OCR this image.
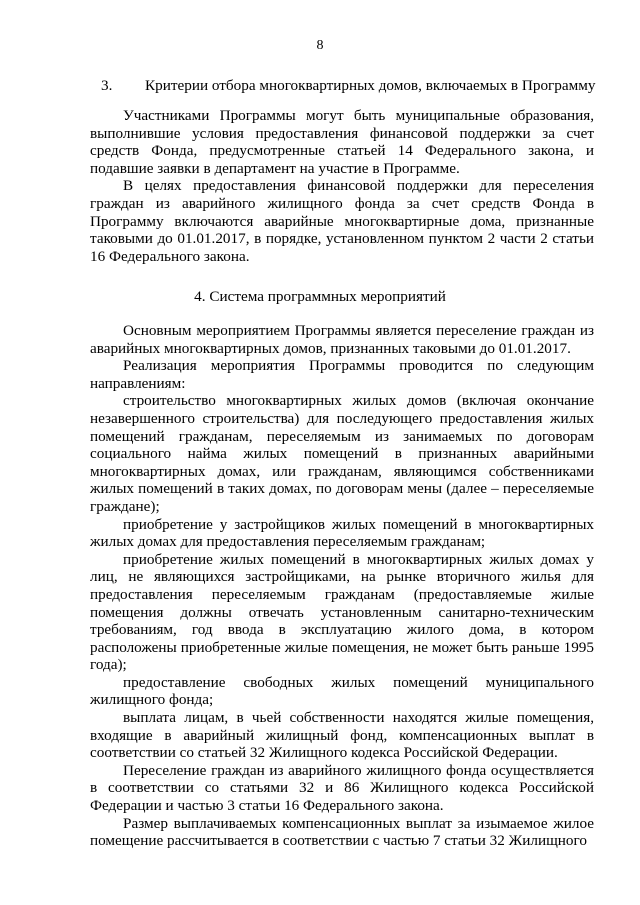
8
3. Критерии отбора многоквартирных домов, включаемых в Программу

Участниками Программы могут быть муниципальные образования, выполнившие условия предоставления финансовой поддержки за счет средств Фонда, предусмотренные статьей 14 Федерального закона, и подавшие заявки в департамент на участие в Программе.

В целях предоставления финансовой поддержки для переселения граждан из аварийного жилищного фонда за счет средств Фонда в Программу включаются аварийные многоквартирные дома, признанные таковыми до 01.01.2017, в порядке, установленном пунктом 2 части 2 статьи 16 Федерального закона.

4. Система программных мероприятий

Основным мероприятием Программы является переселение граждан из аварийных многоквартирных домов, признанных таковыми до 01.01.2017.

Реализация мероприятия Программы проводится по следующим направлениям:

строительство многоквартирных жилых домов (включая окончание незавершенного строительства) для последующего предоставления жилых помещений гражданам, переселяемым из занимаемых по договорам социального найма жилых помещений в признанных аварийными многоквартирных домах, или гражданам, являющимся собственниками жилых помещений в таких домах, по договорам мены (далее – переселяемые граждане);

приобретение у застройщиков жилых помещений в многоквартирных жилых домах для предоставления переселяемым гражданам;

приобретение жилых помещений в многоквартирных жилых домах у лиц, не являющихся застройщиками, на рынке вторичного жилья для предоставления переселяемым гражданам (предоставляемые жилые помещения должны отвечать установленным санитарно-техническим требованиям, год ввода в эксплуатацию жилого дома, в котором расположены приобретенные жилые помещения, не может быть раньше 1995 года);

предоставление свободных жилых помещений муниципального жилищного фонда;

выплата лицам, в чьей собственности находятся жилые помещения, входящие в аварийный жилищный фонд, компенсационных выплат в соответствии со статьей 32 Жилищного кодекса Российской Федерации.

Переселение граждан из аварийного жилищного фонда осуществляется в соответствии со статьями 32 и 86 Жилищного кодекса Российской Федерации и частью 3 статьи 16 Федерального закона.

Размер выплачиваемых компенсационных выплат за изымаемое жилое помещение рассчитывается в соответствии с частью 7 статьи 32 Жилищного
